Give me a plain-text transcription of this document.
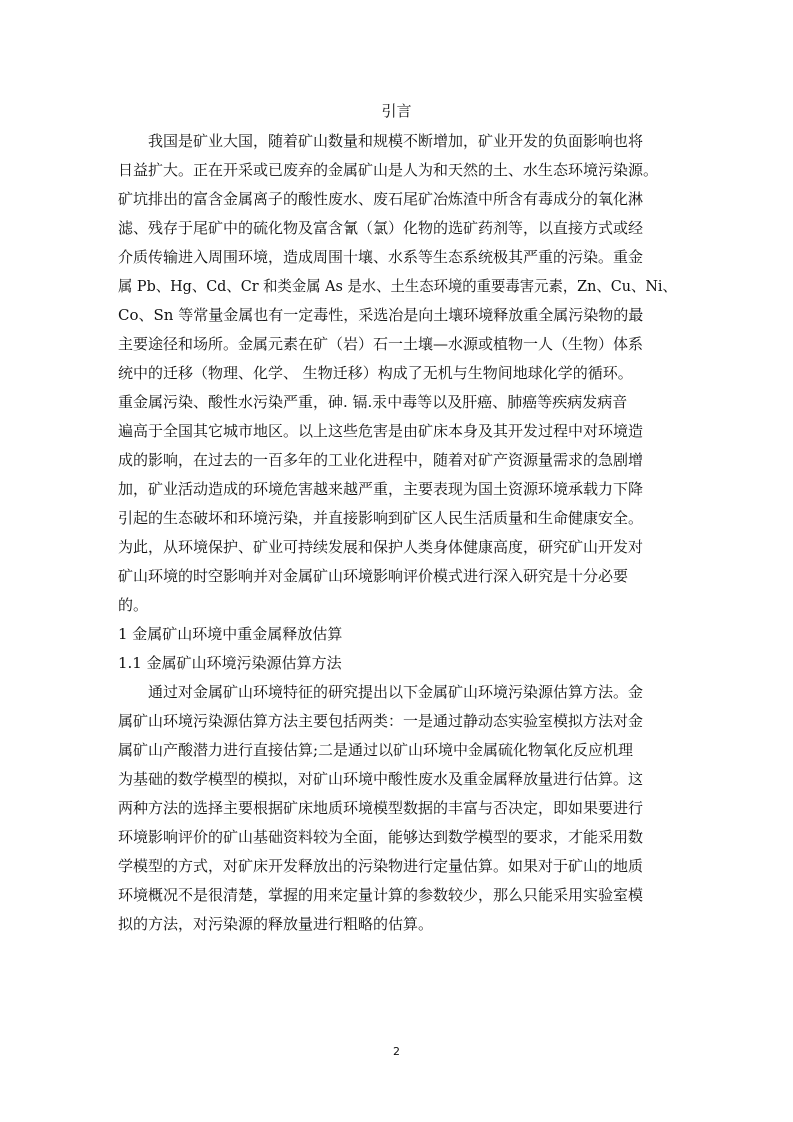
引言
我国是矿业大国，随着矿山数量和规模不断增加，矿业开发的负面影响也将
日益扩大。正在开采或已废弃的金属矿山是人为和天然的土、水生态环境污染源。
矿坑排出的富含金属离子的酸性废水、废石尾矿冶炼渣中所含有毒成分的氧化淋
滤、残存于尾矿中的硫化物及富含氰（氯）化物的选矿药剂等，以直接方式或经
介质传输进入周围环境，造成周围十壤、水系等生态系统极其严重的污染。重金
属 Pb、Hg、Cd、Cr 和类金属 As 是水、土生态环境的重要毒害元素，Zn、Cu、Ni、
Co、Sn 等常量金属也有一定毒性，采选冶是向土壤环境释放重全属污染物的最
主要途径和场所。金属元素在矿（岩）石一土壤—水源或植物一人（生物）体系
统中的迁移（物理、化学、 生物迁移）构成了无机与生物间地球化学的循环。
重金属污染、酸性水污染严重，砷. 镉.汞中毒等以及肝癌、肺癌等疾病发病音
遍高于全国其它城市地区。以上这些危害是由矿床本身及其开发过程中对环境造
成的影响，在过去的一百多年的工业化进程中，随着对矿产资源量需求的急剧增
加，矿业活动造成的环境危害越来越严重，主要表现为国土资源环境承载力下降
引起的生态破坏和环境污染，并直接影响到矿区人民生活质量和生命健康安全。
为此，从环境保护、矿业可持续发展和保护人类身体健康高度，研究矿山开发对
矿山环境的时空影响并对金属矿山环境影响评价模式进行深入研究是十分必要
的。
1 金属矿山环境中重金属释放估算
1.1 金属矿山环境污染源估算方法
通过对金属矿山环境特征的研究提出以下金属矿山环境污染源估算方法。金
属矿山环境污染源估算方法主要包括两类：一是通过静动态实验室模拟方法对金
属矿山产酸潜力进行直接估算;二是通过以矿山环境中金属硫化物氧化反应机理
为基础的数学模型的模拟，对矿山环境中酸性废水及重金属释放量进行估算。这
两种方法的选择主要根据矿床地质环境模型数据的丰富与否决定，即如果要进行
环境影响评价的矿山基础资料较为全面，能够达到数学模型的要求，才能采用数
学模型的方式，对矿床开发释放出的污染物进行定量估算。如果对于矿山的地质
环境概况不是很清楚，掌握的用来定量计算的参数较少，那么只能采用实验室模
拟的方法，对污染源的释放量进行粗略的估算。
2
